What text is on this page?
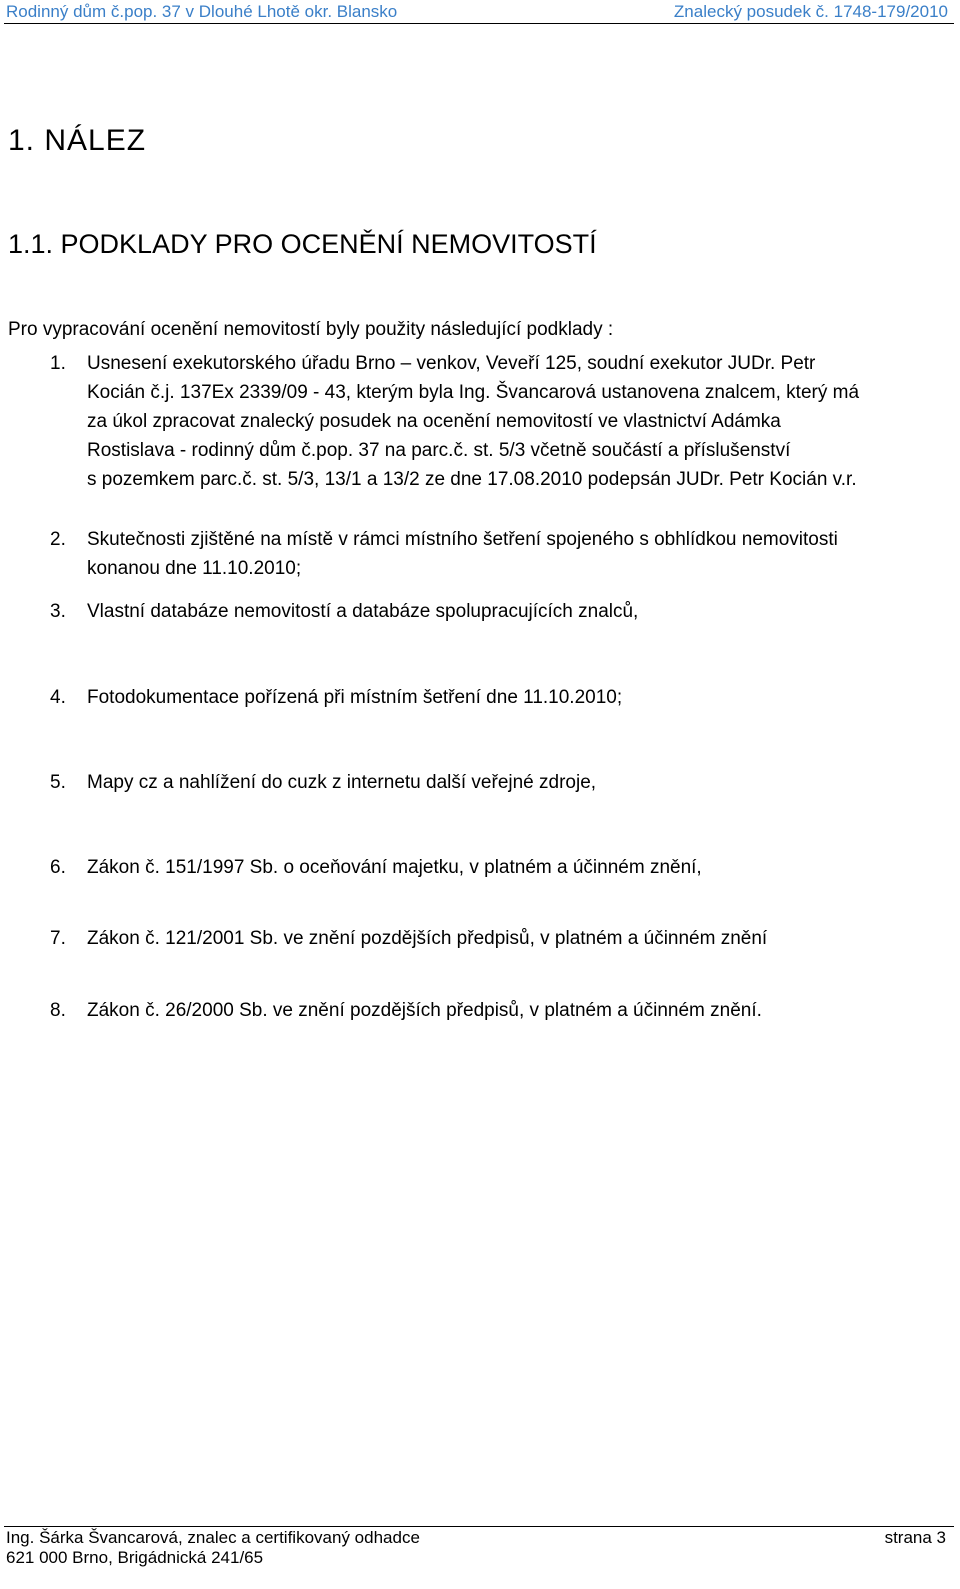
Rodinný dům č.pop. 37 v Dlouhé Lhotě okr. Blansko	Znalecký posudek č. 1748-179/2010
1. NÁLEZ
1.1. PODKLADY PRO OCENĚNÍ NEMOVITOSTÍ
Pro vypracování ocenění nemovitostí byly použity následující podklady :
1. Usnesení exekutorského úřadu Brno – venkov, Veveří 125, soudní exekutor JUDr. Petr
Kocián č.j. 137Ex 2339/09 - 43, kterým byla Ing. Švancarová ustanovena znalcem, který má
za úkol zpracovat znalecký posudek na ocenění nemovitostí ve vlastnictví Adámka
Rostislava - rodinný dům č.pop. 37 na parc.č. st. 5/3 včetně součástí a příslušenství
s pozemkem parc.č. st. 5/3, 13/1 a 13/2 ze dne 17.08.2010 podepsán JUDr. Petr Kocián v.r.
2. Skutečnosti zjištěné na místě v rámci místního šetření spojeného s obhlídkou nemovitosti
konanou dne 11.10.2010;
3. Vlastní databáze nemovitostí a databáze spolupracujících znalců,
4. Fotodokumentace pořízená při místním šetření dne 11.10.2010;
5. Mapy cz a nahlížení do cuzk z internetu další veřejné zdroje,
6. Zákon č. 151/1997 Sb. o oceňování majetku, v platném a účinném znění,
7. Zákon č. 121/2001 Sb. ve znění pozdějších předpisů, v platném a účinném znění
8. Zákon č. 26/2000 Sb. ve znění pozdějších předpisů, v platném a účinném znění.
Ing. Šárka Švancarová, znalec a certifikovaný odhadce
621 000 Brno, Brigádnická 241/65
strana 3
